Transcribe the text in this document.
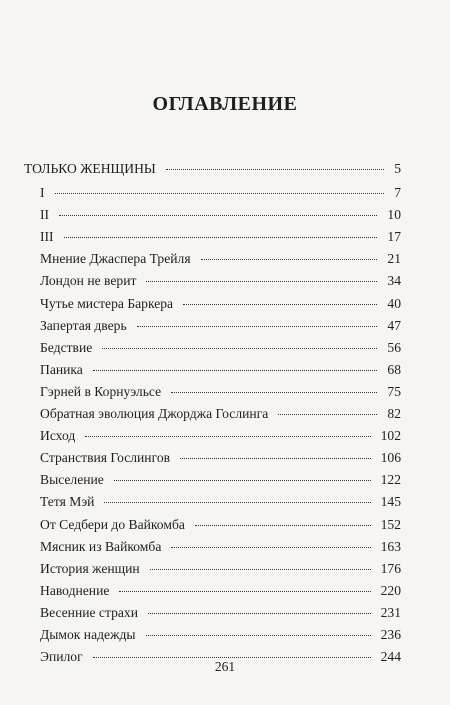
ОГЛАВЛЕНИЕ
ТОЛЬКО ЖЕНЩИНЫ	5
I	7
II	10
III	17
Мнение Джаспера Трейля	21
Лондон не верит	34
Чутье мистера Баркера	40
Запертая дверь	47
Бедствие	56
Паника	68
Гэрней в Корнуэльсе	75
Обратная эволюция Джорджа Гослинга	82
Исход	102
Странствия Гослингов	106
Выселение	122
Тетя Мэй	145
От Седбери до Вайкомба	152
Мясник из Вайкомба	163
История женщин	176
Наводнение	220
Весенние страхи	231
Дымок надежды	236
Эпилог	244
261
